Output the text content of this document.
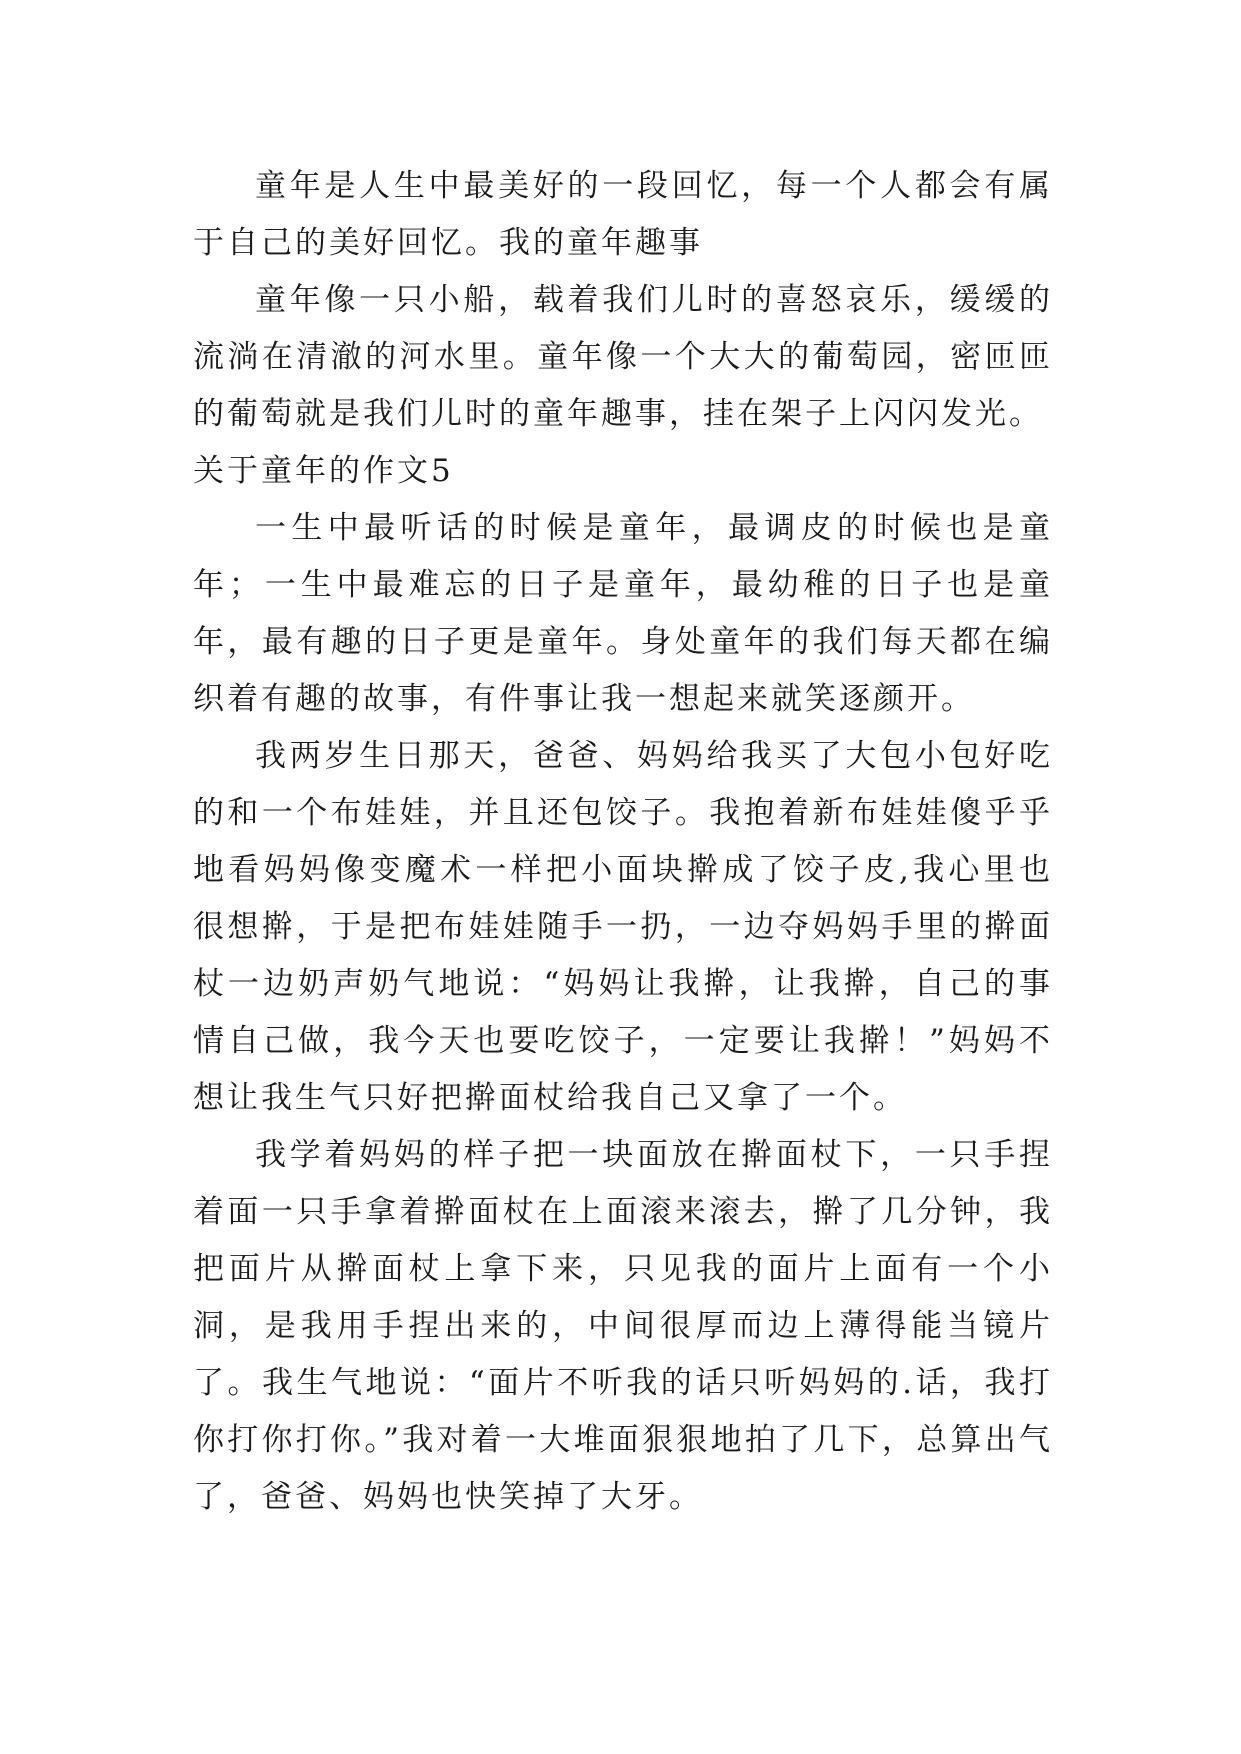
童年是人生中最美好的一段回忆，每一个人都会有属于自己的美好回忆。我的童年趣事

童年像一只小船，载着我们儿时的喜怒哀乐，缓缓的流淌在清澈的河水里。童年像一个大大的葡萄园，密匝匝的葡萄就是我们儿时的童年趣事，挂在架子上闪闪发光。

关于童年的作文5

一生中最听话的时候是童年，最调皮的时候也是童年；一生中最难忘的日子是童年，最幼稚的日子也是童年，最有趣的日子更是童年。身处童年的我们每天都在编织着有趣的故事，有件事让我一想起来就笑逐颜开。

我两岁生日那天，爸爸、妈妈给我买了大包小包好吃的和一个布娃娃，并且还包饺子。我抱着新布娃娃傻乎乎地看妈妈像变魔术一样把小面块擀成了饺子皮,我心里也很想擀，于是把布娃娃随手一扔，一边夺妈妈手里的擀面杖一边奶声奶气地说：“妈妈让我擀，让我擀，自己的事情自己做，我今天也要吃饺子，一定要让我擀！”妈妈不想让我生气只好把擀面杖给我自己又拿了一个。

我学着妈妈的样子把一块面放在擀面杖下，一只手捏着面一只手拿着擀面杖在上面滚来滚去，擀了几分钟，我把面片从擀面杖上拿下来，只见我的面片上面有一个小洞，是我用手捏出来的，中间很厚而边上薄得能当镜片了。我生气地说：“面片不听我的话只听妈妈的.话，我打你打你打你。”我对着一大堆面狠狠地拍了几下，总算出气了，爸爸、妈妈也快笑掉了大牙。
